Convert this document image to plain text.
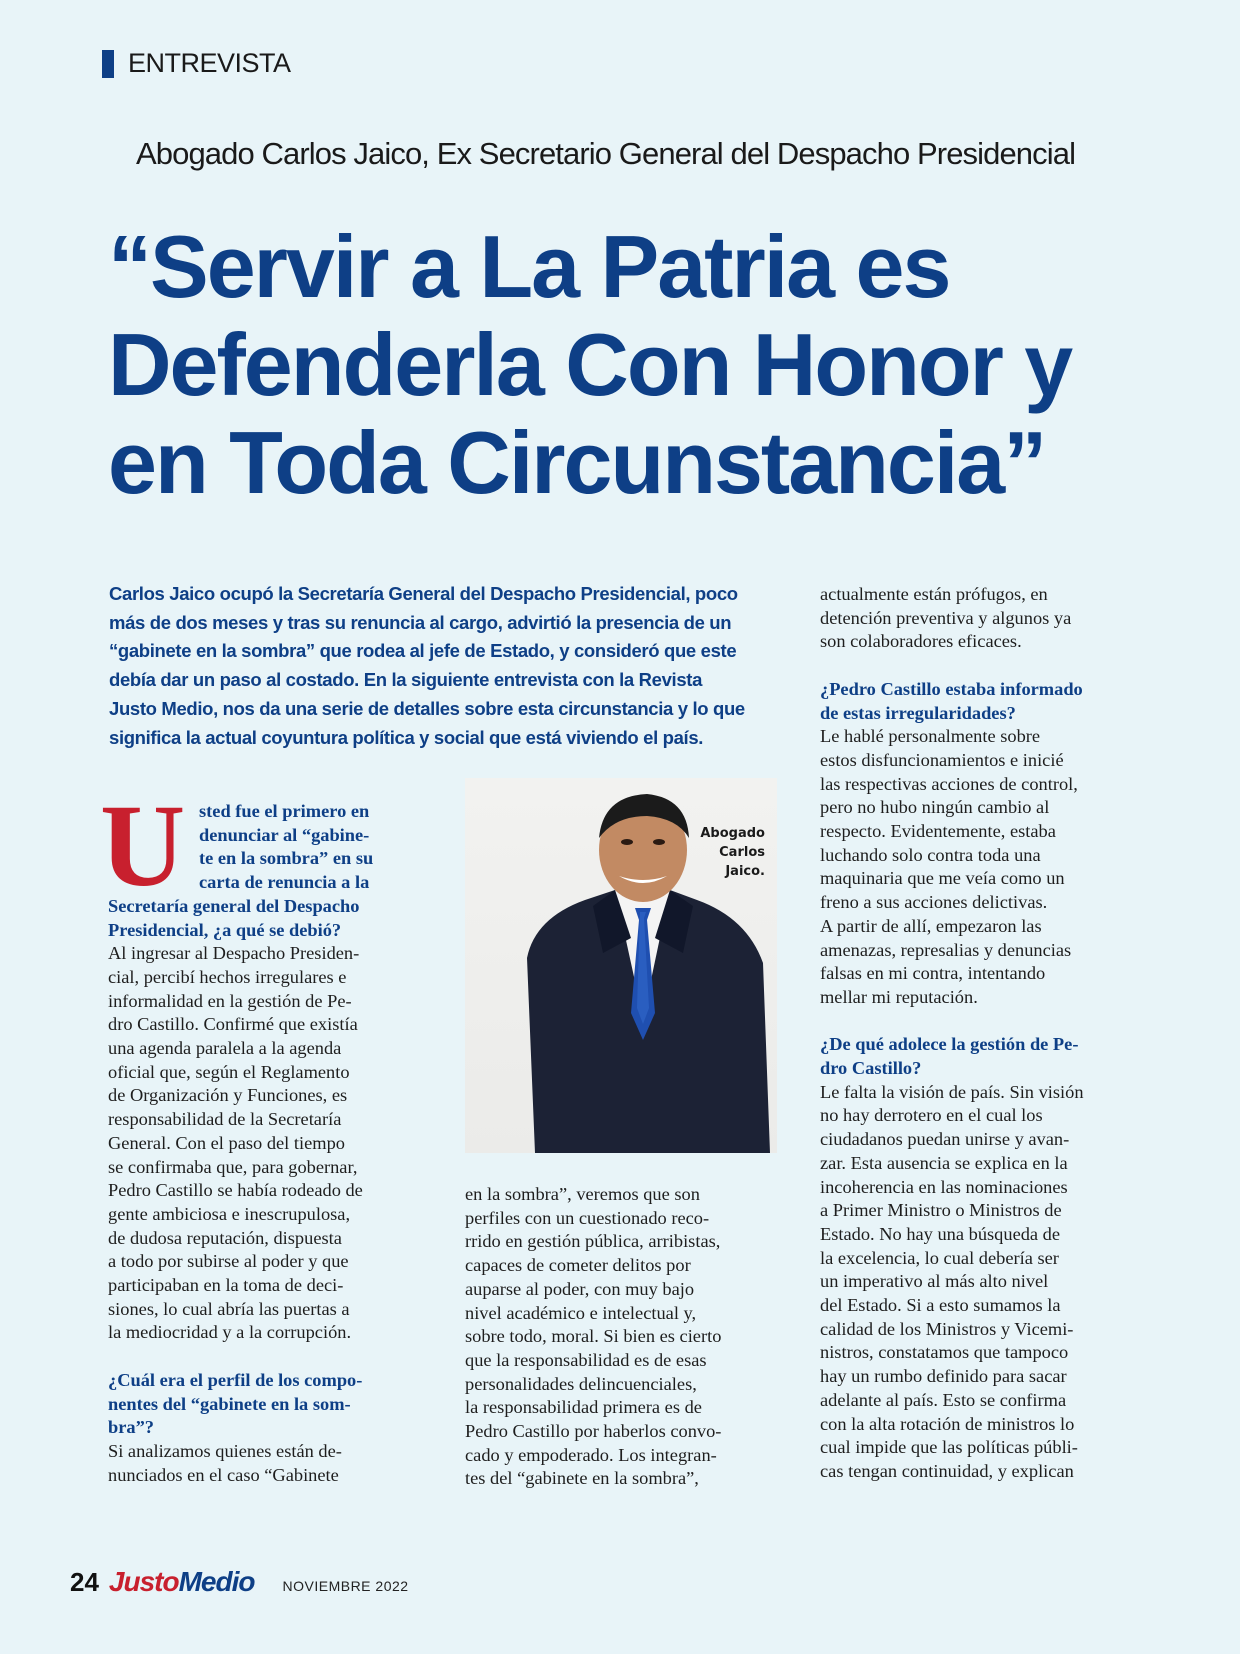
ENTREVISTA
Abogado Carlos Jaico, Ex Secretario General del Despacho Presidencial
“Servir a La Patria es
Defenderla Con Honor y
en Toda Circunstancia”
Carlos Jaico ocupó la Secretaría General del Despacho Presidencial, poco
más de dos meses y tras su renuncia al cargo, advirtió la presencia de un
“gabinete en la sombra” que rodea al jefe de Estado, y consideró que este
debía dar un paso al costado. En la siguiente entrevista con la Revista
Justo Medio, nos da una serie de detalles sobre esta circunstancia y lo que
significa la actual coyuntura política y social que está viviendo el país.
U sted fue el primero en
denunciar al “gabine-
te en la sombra” en su
carta de renuncia a la
Secretaría general del Despacho
Presidencial, ¿a qué se debió?
Al ingresar al Despacho Presiden-
cial, percibí hechos irregulares e
informalidad en la gestión de Pe-
dro Castillo. Confirmé que existía
una agenda paralela a la agenda
oficial que, según el Reglamento
de Organización y Funciones, es
responsabilidad de la Secretaría
General. Con el paso del tiempo
se confirmaba que, para gobernar,
Pedro Castillo se había rodeado de
gente ambiciosa e inescrupulosa,
de dudosa reputación, dispuesta
a todo por subirse al poder y que
participaban en la toma de deci-
siones, lo cual abría las puertas a
la mediocridad y a la corrupción.
¿Cuál era el perfil de los compo-
nentes del “gabinete en la som-
bra”?
Si analizamos quienes están de-
nunciados en el caso “Gabinete
Abogado
Carlos
Jaico.
en la sombra”, veremos que son
perfiles con un cuestionado reco-
rrido en gestión pública, arribistas,
capaces de cometer delitos por
auparse al poder, con muy bajo
nivel académico e intelectual y,
sobre todo, moral. Si bien es cierto
que la responsabilidad es de esas
personalidades delincuenciales,
la responsabilidad primera es de
Pedro Castillo por haberlos convo-
cado y empoderado. Los integran-
tes del “gabinete en la sombra”,
actualmente están prófugos, en
detención preventiva y algunos ya
son colaboradores eficaces.
¿Pedro Castillo estaba informado
de estas irregularidades?
Le hablé personalmente sobre
estos disfuncionamientos e inicié
las respectivas acciones de control,
pero no hubo ningún cambio al
respecto. Evidentemente, estaba
luchando solo contra toda una
maquinaria que me veía como un
freno a sus acciones delictivas.
A partir de allí, empezaron las
amenazas, represalias y denuncias
falsas en mi contra, intentando
mellar mi reputación.
¿De qué adolece la gestión de Pe-
dro Castillo?
Le falta la visión de país. Sin visión
no hay derrotero en el cual los
ciudadanos puedan unirse y avan-
zar. Esta ausencia se explica en la
incoherencia en las nominaciones
a Primer Ministro o Ministros de
Estado. No hay una búsqueda de
la excelencia, lo cual debería ser
un imperativo al más alto nivel
del Estado. Si a esto sumamos la
calidad de los Ministros y Vicemi-
nistros, constatamos que tampoco
hay un rumbo definido para sacar
adelante al país. Esto se confirma
con la alta rotación de ministros lo
cual impide que las políticas públi-
cas tengan continuidad, y explican
24 Justo Medio NOVIEMBRE 2022
